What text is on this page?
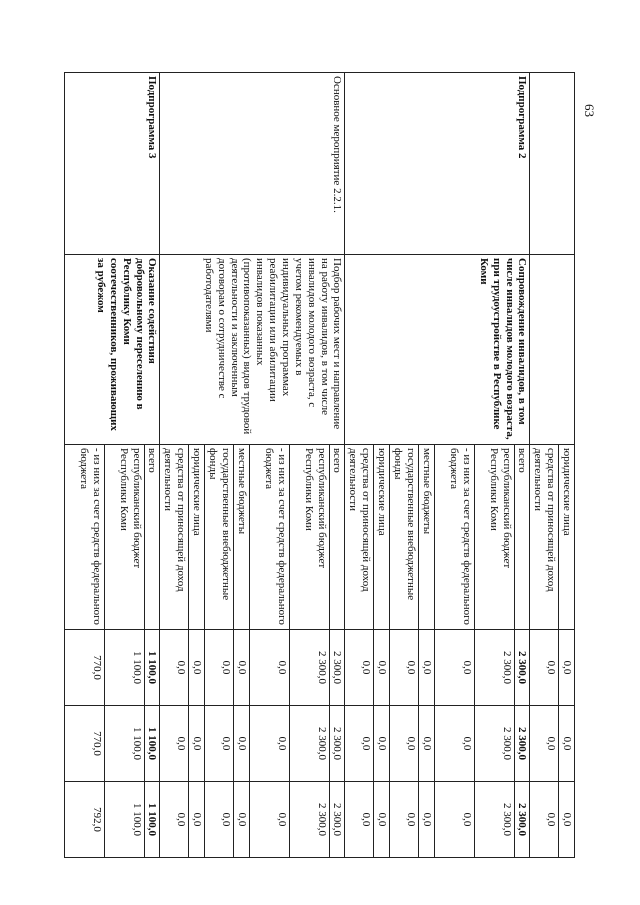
63
		юридические лица	0,0	0,0	0,0
		средства от приносящей доход деятельности	0,0	0,0	0,0
Подпрограмма 2	Сопровождение инвалидов, в том числе инвалидов молодого возраста, при трудоустройстве в Республике Коми	всего	2 300,0	2 300,0	2 300,0
		республиканский бюджет Республики Коми	2 300,0	2 300,0	2 300,0
		- из них за счет средств федерального бюджета	0,0	0,0	0,0
		местные бюджеты	0,0	0,0	0,0
		государственные внебюджетные фонды	0,0	0,0	0,0
		юридические лица	0,0	0,0	0,0
		средства от приносящей доход деятельности	0,0	0,0	0,0
Основное мероприятие 2.2.1.	Подбор рабочих мест и направление на работу инвалидов, в том числе инвалидов молодого возраста, с учетом рекомендуемых в индивидуальных программах реабилитации или абилитации инвалидов показанных (противопоказанных) видов трудовой деятельности и заключенным договорам о сотрудничестве с работодателями	всего	2 300,0	2 300,0	2 300,0
		республиканский бюджет Республики Коми	2 300,0	2 300,0	2 300,0
		- из них за счет средств федерального бюджета	0,0	0,0	0,0
		местные бюджеты	0,0	0,0	0,0
		государственные внебюджетные фонды	0,0	0,0	0,0
		юридические лица	0,0	0,0	0,0
		средства от приносящей доход деятельности	0,0	0,0	0,0
Подпрограмма 3	Оказание содействия добровольному переселению в Республику Коми соотечественников, проживающих за рубежом	всего	1 100,0	1 100,0	1 100,0
		республиканский бюджет Республики Коми	1 100,0	1 100,0	1 100,0
		- из них за счет средств федерального бюджета	770,0	770,0	792,0
